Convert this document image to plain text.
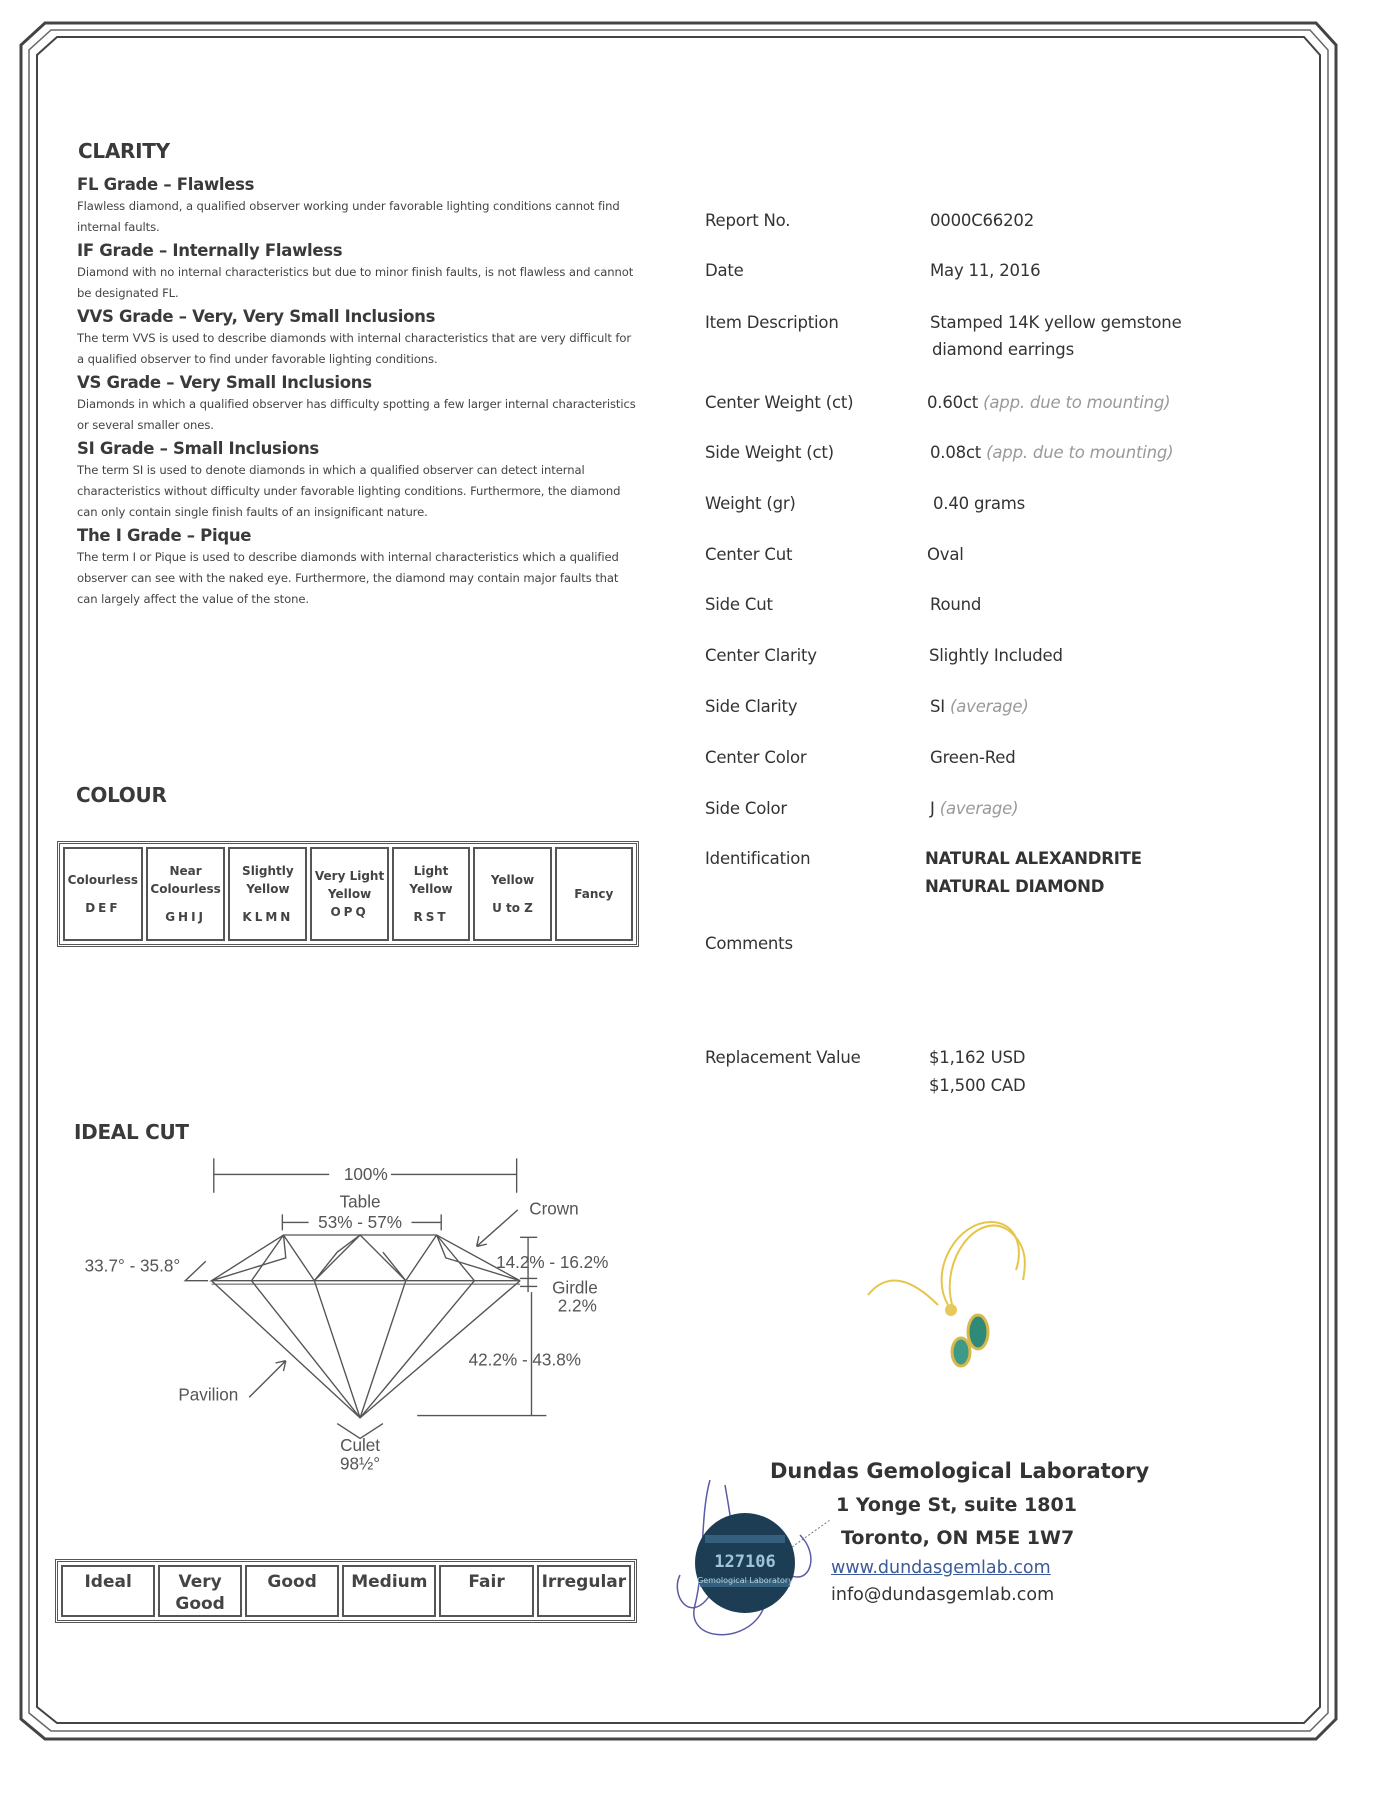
CLARITY
FL Grade – Flawless

Flawless diamond, a qualified observer working under favorable lighting conditions cannot find internal faults.

IF Grade – Internally Flawless

Diamond with no internal characteristics but due to minor finish faults, is not flawless and cannot be designated FL.

VVS Grade – Very, Very Small Inclusions

The term VVS is used to describe diamonds with internal characteristics that are very difficult for a qualified observer to find under favorable lighting conditions.

VS Grade – Very Small Inclusions

Diamonds in which a qualified observer has difficulty spotting a few larger internal characteristics or several smaller ones.

SI Grade – Small Inclusions

The term SI is used to denote diamonds in which a qualified observer can detect internal characteristics without difficulty under favorable lighting conditions. Furthermore, the diamond can only contain single finish faults of an insignificant nature.

The I Grade – Pique

The term I or Pique is used to describe diamonds with internal characteristics which a qualified observer can see with the naked eye. Furthermore, the diamond may contain major faults that can largely affect the value of the stone.

COLOUR
Colourless
DEF
	Near Colourless
GHIJ
	Slightly Yellow
KLMN
	Very Light Yellow
OPQ
	Light Yellow
RST
	Yellow
U to Z
	Fancy
IDEAL CUT
100%
Table
53% - 57%
Crown
33.7° - 35.8°	14.2% - 16.2%
Girdle
2.2%
42.2% - 43.8%
Pavilion
Culet
98½°
Ideal	Very Good	Good	Medium	Fair	Irregular
Report No.	0000C66202
Date	May 11, 2016
Item Description	Stamped 14K yellow gemstone
diamond earrings
Center Weight (ct)	0.60ct (app. due to mounting)
Side Weight (ct)	0.08ct (app. due to mounting)
Weight (gr)	0.40 grams
Center Cut	Oval
Side Cut	Round
Center Clarity	Slightly Included
Side Clarity	SI (average)
Center Color	Green-Red
Side Color	J (average)
Identification	NATURAL ALEXANDRITE
NATURAL DIAMOND
Comments
Replacement Value	$1,162 USD
$1,500 CAD
127106
Gemological Laboratory
Dundas Gemological Laboratory
1 Yonge St, suite 1801
Toronto, ON M5E 1W7
www.dundasgemlab.com
info@dundasgemlab.com
